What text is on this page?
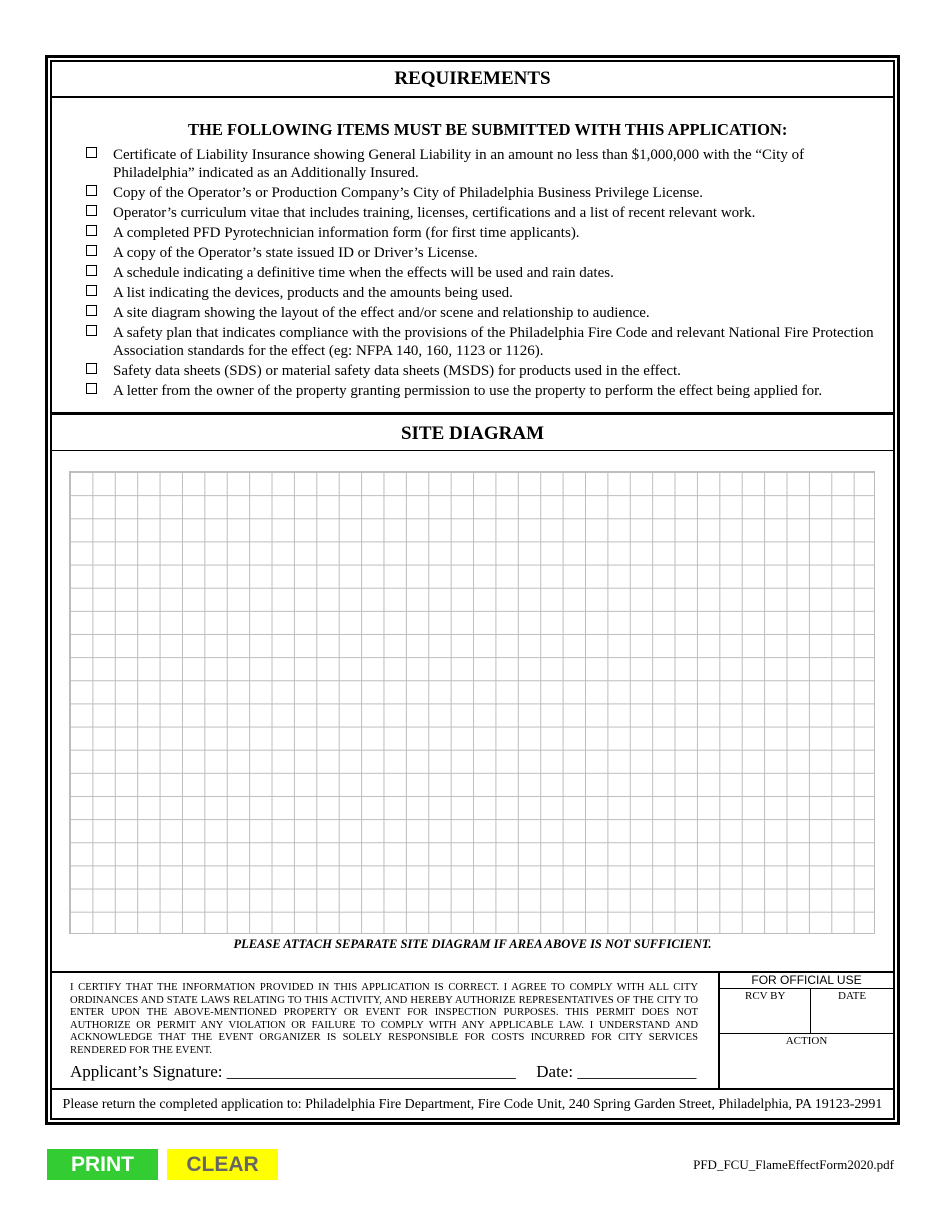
REQUIREMENTS
THE FOLLOWING ITEMS MUST BE SUBMITTED WITH THIS APPLICATION:
Certificate of Liability Insurance showing General Liability in an amount no less than $1,000,000 with the “City of Philadelphia” indicated as an Additionally Insured.
Copy of the Operator’s or Production Company’s City of Philadelphia Business Privilege License.
Operator’s curriculum vitae that includes training, licenses, certifications and a list of recent relevant work.
A completed PFD Pyrotechnician information form (for first time applicants).
A copy of the Operator’s state issued ID or Driver’s License.
A schedule indicating a definitive time when the effects will be used and rain dates.
A list indicating the devices, products and the amounts being used.
A site diagram showing the layout of the effect and/or scene and relationship to audience.
A safety plan that indicates compliance with the provisions of the Philadelphia Fire Code and relevant National Fire Protection Association standards for the effect (eg: NFPA 140, 160, 1123 or 1126).
Safety data sheets (SDS) or material safety data sheets (MSDS) for products used in the effect.
A letter from the owner of the property granting permission to use the property to perform the effect being applied for.
SITE DIAGRAM
PLEASE ATTACH SEPARATE SITE DIAGRAM IF AREA ABOVE IS NOT SUFFICIENT.
I CERTIFY THAT THE INFORMATION PROVIDED IN THIS APPLICATION IS CORRECT. I AGREE TO COMPLY WITH ALL CITY ORDINANCES AND STATE LAWS RELATING TO THIS ACTIVITY, AND HEREBY AUTHORIZE REPRESENTATIVES OF THE CITY TO ENTER UPON THE ABOVE-MENTIONED PROPERTY OR EVENT FOR INSPECTION PURPOSES. THIS PERMIT DOES NOT AUTHORIZE OR PERMIT ANY VIOLATION OR FAILURE TO COMPLY WITH ANY APPLICABLE LAW. I UNDERSTAND AND ACKNOWLEDGE THAT THE EVENT ORGANIZER IS SOLELY RESPONSIBLE FOR COSTS INCURRED FOR CITY SERVICES RENDERED FOR THE EVENT.
Applicant’s Signature: __________________________________ Date: ______________
FOR OFFICIAL USE
RCV BY	DATE
ACTION
Please return the completed application to: Philadelphia Fire Department, Fire Code Unit, 240 Spring Garden Street, Philadelphia, PA 19123-2991
PRINT	CLEAR	PFD_FCU_FlameEffectForm2020.pdf
